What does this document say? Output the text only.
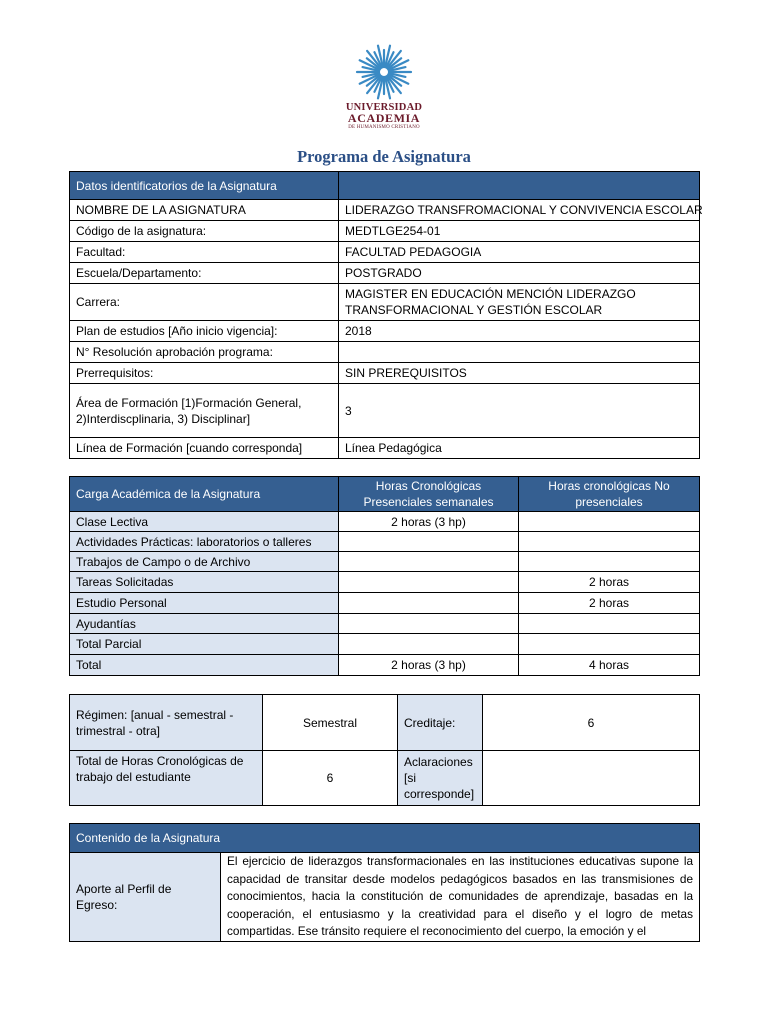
UNIVERSIDAD
ACADEMIA
DE HUMANISMO CRISTIANO
Programa de Asignatura
Datos identificatorios de la Asignatura	
NOMBRE DE LA ASIGNATURA	LIDERAZGO TRANSFROMACIONAL Y CONVIVENCIA ESCOLAR
Código de la asignatura:	MEDTLGE254-01
Facultad:	FACULTAD PEDAGOGIA
Escuela/Departamento:	POSTGRADO
Carrera:	MAGISTER EN EDUCACIÓN MENCIÓN LIDERAZGO TRANSFORMACIONAL Y GESTIÓN ESCOLAR
Plan de estudios [Año inicio vigencia]:	2018
N° Resolución aprobación programa:	
Prerrequisitos:	SIN PREREQUISITOS
Área de Formación [1)Formación General, 2)Interdiscplinaria, 3) Disciplinar]	3
Línea de Formación [cuando corresponda]	Línea Pedagógica
Carga Académica de la Asignatura	Horas Cronológicas Presenciales semanales	Horas cronológicas No presenciales
Clase Lectiva	2 horas (3 hp)	
Actividades Prácticas: laboratorios o talleres		
Trabajos de Campo o de Archivo		
Tareas Solicitadas		2 horas
Estudio Personal		2 horas
Ayudantías		
Total Parcial		
Total	2 horas (3 hp)	4 horas
Régimen: [anual - semestral - trimestral - otra]	Semestral	Creditaje:	6
Total de Horas Cronológicas de trabajo del estudiante	6	Aclaraciones [si corresponde]	
Contenido de la Asignatura
Aporte al Perfil de Egreso:	El ejercicio de liderazgos transformacionales en las instituciones educativas supone la capacidad de transitar desde modelos pedagógicos basados en las transmisiones de conocimientos, hacia la constitución de comunidades de aprendizaje, basadas en la cooperación, el entusiasmo y la creatividad para el diseño y el logro de metas compartidas. Ese tránsito requiere el reconocimiento del cuerpo, la emoción y el
